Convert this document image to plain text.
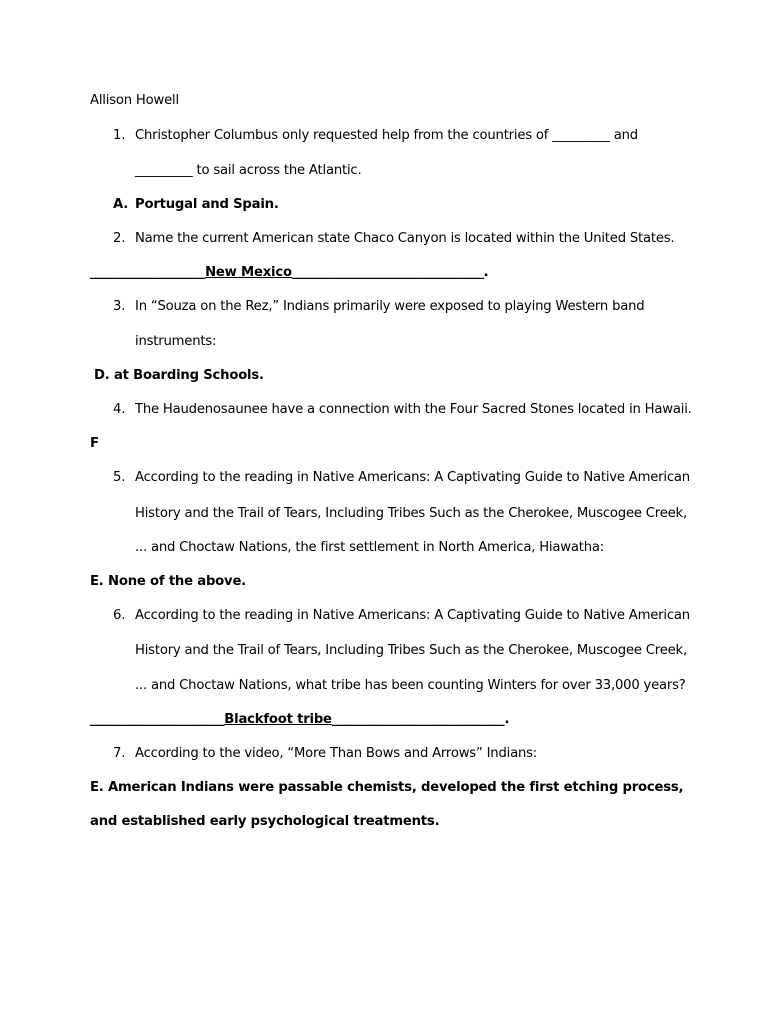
Allison Howell
1. Christopher Columbus only requested help from the countries of _________ and
_________ to sail across the Atlantic.
A. Portugal and Spain.
2. Name the current American state Chaco Canyon is located within the United States.
__________________New Mexico______________________________.
3. In “Souza on the Rez,” Indians primarily were exposed to playing Western band
instruments:
D. at Boarding Schools.
4. The Haudenosaunee have a connection with the Four Sacred Stones located in Hawaii.
F
5. According to the reading in Native Americans: A Captivating Guide to Native American
History and the Trail of Tears, Including Tribes Such as the Cherokee, Muscogee Creek,
... and Choctaw Nations, the first settlement in North America, Hiawatha:
E. None of the above.
6. According to the reading in Native Americans: A Captivating Guide to Native American
History and the Trail of Tears, Including Tribes Such as the Cherokee, Muscogee Creek,
... and Choctaw Nations, what tribe has been counting Winters for over 33,000 years?
_____________________Blackfoot tribe___________________________.
7. According to the video, “More Than Bows and Arrows” Indians:
E. American Indians were passable chemists, developed the first etching process,
and established early psychological treatments.
